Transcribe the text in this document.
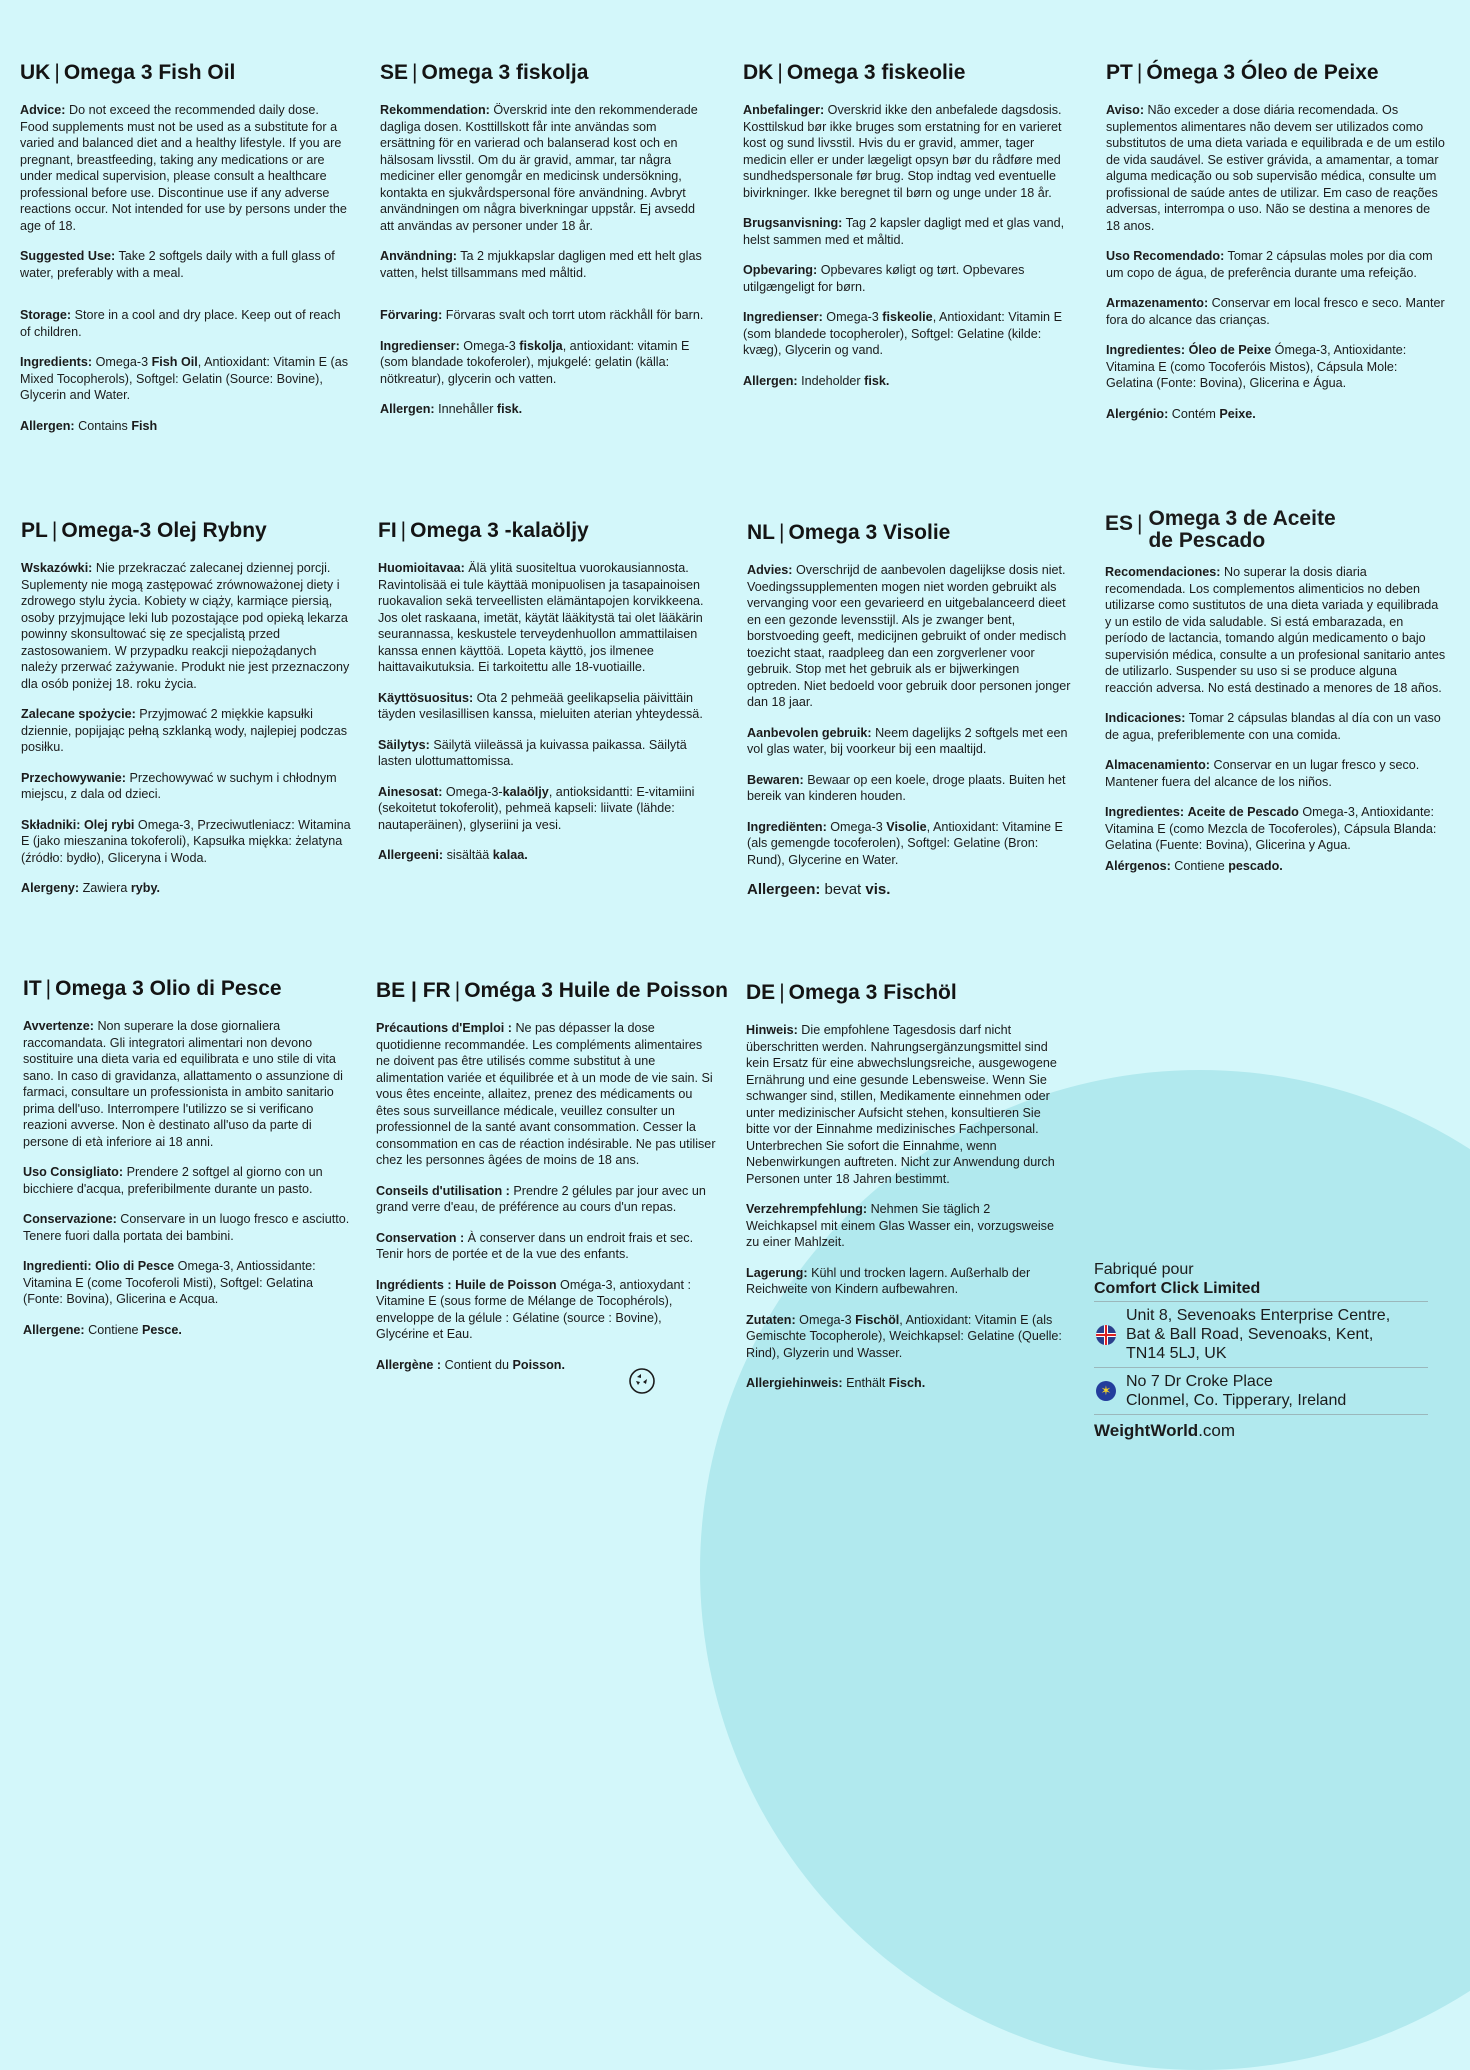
UK | Omega 3 Fish Oil

Advice: Do not exceed the recommended daily dose. Food supplements must not be used as a substitute for a varied and balanced diet and a healthy lifestyle. If you are pregnant, breastfeeding, taking any medications or are under medical supervision, please consult a healthcare professional before use. Discontinue use if any adverse reactions occur. Not intended for use by persons under the age of 18.

Suggested Use: Take 2 softgels daily with a full glass of water, preferably with a meal.

Storage: Store in a cool and dry place. Keep out of reach of children.

Ingredients: Omega-3 Fish Oil, Antioxidant: Vitamin E (as Mixed Tocopherols), Softgel: Gelatin (Source: Bovine), Glycerin and Water.

Allergen: Contains Fish

SE | Omega 3 fiskolja

Rekommendation: Överskrid inte den rekommenderade dagliga dosen. Kosttillskott får inte användas som ersättning för en varierad och balanserad kost och en hälsosam livsstil. Om du är gravid, ammar, tar några mediciner eller genomgår en medicinsk undersökning, kontakta en sjukvårdspersonal före användning. Avbryt användningen om några biverkningar uppstår. Ej avsedd att användas av personer under 18 år.

Användning: Ta 2 mjukkapslar dagligen med ett helt glas vatten, helst tillsammans med måltid.

Förvaring: Förvaras svalt och torrt utom räckhåll för barn.

Ingredienser: Omega-3 fiskolja, antioxidant: vitamin E (som blandade tokoferoler), mjukgelé: gelatin (källa: nötkreatur), glycerin och vatten.

Allergen: Innehåller fisk.

DK | Omega 3 fiskeolie

Anbefalinger: Overskrid ikke den anbefalede dagsdosis. Kosttilskud bør ikke bruges som erstatning for en varieret kost og sund livsstil. Hvis du er gravid, ammer, tager medicin eller er under lægeligt opsyn bør du rådføre med sundhedspersonale før brug. Stop indtag ved eventuelle bivirkninger. Ikke beregnet til børn og unge under 18 år.

Brugsanvisning: Tag 2 kapsler dagligt med et glas vand, helst sammen med et måltid.

Opbevaring: Opbevares køligt og tørt. Opbevares utilgængeligt for børn.

Ingredienser: Omega-3 fiskeolie, Antioxidant: Vitamin E (som blandede tocopheroler), Softgel: Gelatine (kilde: kvæg), Glycerin og vand.

Allergen: Indeholder fisk.

PT | Ómega 3 Óleo de Peixe

Aviso: Não exceder a dose diária recomendada. Os suplementos alimentares não devem ser utilizados como substitutos de uma dieta variada e equilibrada e de um estilo de vida saudável. Se estiver grávida, a amamentar, a tomar alguma medicação ou sob supervisão médica, consulte um profissional de saúde antes de utilizar. Em caso de reações adversas, interrompa o uso. Não se destina a menores de 18 anos.

Uso Recomendado: Tomar 2 cápsulas moles por dia com um copo de água, de preferência durante uma refeição.

Armazenamento: Conservar em local fresco e seco. Manter fora do alcance das crianças.

Ingredientes: Óleo de Peixe Ómega-3, Antioxidante: Vitamina E (como Tocoferóis Mistos), Cápsula Mole: Gelatina (Fonte: Bovina), Glicerina e Água.

Alergénio: Contém Peixe.

PL | Omega-3 Olej Rybny

Wskazówki: Nie przekraczać zalecanej dziennej porcji. Suplementy nie mogą zastępować zrównoważonej diety i zdrowego stylu życia. Kobiety w ciąży, karmiące piersią, osoby przyjmujące leki lub pozostające pod opieką lekarza powinny skonsultować się ze specjalistą przed zastosowaniem. W przypadku reakcji niepożądanych należy przerwać zażywanie. Produkt nie jest przeznaczony dla osób poniżej 18. roku życia.

Zalecane spożycie: Przyjmować 2 miękkie kapsułki dziennie, popijając pełną szklanką wody, najlepiej podczas posiłku.

Przechowywanie: Przechowywać w suchym i chłodnym miejscu, z dala od dzieci.

Składniki: Olej rybi Omega-3, Przeciwutleniacz: Witamina E (jako mieszanina tokoferoli), Kapsułka miękka: żelatyna (źródło: bydło), Gliceryna i Woda.

Alergeny: Zawiera ryby.

FI | Omega 3 -kalaöljy

Huomioitavaa: Älä ylitä suositeltua vuorokausiannosta. Ravintolisää ei tule käyttää monipuolisen ja tasapainoisen ruokavalion sekä terveellisten elämäntapojen korvikkeena. Jos olet raskaana, imetät, käytät lääkitystä tai olet lääkärin seurannassa, keskustele terveydenhuollon ammattilaisen kanssa ennen käyttöä. Lopeta käyttö, jos ilmenee haittavaikutuksia. Ei tarkoitettu alle 18-vuotiaille.

Käyttösuositus: Ota 2 pehmeää geelikapselia päivittäin täyden vesilasillisen kanssa, mieluiten aterian yhteydessä.

Säilytys: Säilytä viileässä ja kuivassa paikassa. Säilytä lasten ulottumattomissa.

Ainesosat: Omega-3-kalaöljy, antioksidantti: E-vitamiini (sekoitetut tokoferolit), pehmeä kapseli: liivate (lähde: nautaperäinen), glyseriini ja vesi.

Allergeeni: sisältää kalaa.

NL | Omega 3 Visolie

Advies: Overschrijd de aanbevolen dagelijkse dosis niet. Voedingssupplementen mogen niet worden gebruikt als vervanging voor een gevarieerd en uitgebalanceerd dieet en een gezonde levensstijl. Als je zwanger bent, borstvoeding geeft, medicijnen gebruikt of onder medisch toezicht staat, raadpleeg dan een zorgverlener voor gebruik. Stop met het gebruik als er bijwerkingen optreden. Niet bedoeld voor gebruik door personen jonger dan 18 jaar.

Aanbevolen gebruik: Neem dagelijks 2 softgels met een vol glas water, bij voorkeur bij een maaltijd.

Bewaren: Bewaar op een koele, droge plaats. Buiten het bereik van kinderen houden.

Ingrediënten: Omega-3 Visolie, Antioxidant: Vitamine E (als gemengde tocoferolen), Softgel: Gelatine (Bron: Rund), Glycerine en Water.

Allergeen: bevat vis.

ES | Omega 3 de Aceite
de Pescado

Recomendaciones: No superar la dosis diaria recomendada. Los complementos alimenticios no deben utilizarse como sustitutos de una dieta variada y equilibrada y un estilo de vida saludable. Si está embarazada, en período de lactancia, tomando algún medicamento o bajo supervisión médica, consulte a un profesional sanitario antes de utilizarlo. Suspender su uso si se produce alguna reacción adversa. No está destinado a menores de 18 años.

Indicaciones: Tomar 2 cápsulas blandas al día con un vaso de agua, preferiblemente con una comida.

Almacenamiento: Conservar en un lugar fresco y seco. Mantener fuera del alcance de los niños.

Ingredientes: Aceite de Pescado Omega-3, Antioxidante: Vitamina E (como Mezcla de Tocoferoles), Cápsula Blanda: Gelatina (Fuente: Bovina), Glicerina y Agua.

Alérgenos: Contiene pescado.

IT | Omega 3 Olio di Pesce

Avvertenze: Non superare la dose giornaliera raccomandata. Gli integratori alimentari non devono sostituire una dieta varia ed equilibrata e uno stile di vita sano. In caso di gravidanza, allattamento o assunzione di farmaci, consultare un professionista in ambito sanitario prima dell'uso. Interrompere l'utilizzo se si verificano reazioni avverse. Non è destinato all'uso da parte di persone di età inferiore ai 18 anni.

Uso Consigliato: Prendere 2 softgel al giorno con un bicchiere d'acqua, preferibilmente durante un pasto.

Conservazione: Conservare in un luogo fresco e asciutto. Tenere fuori dalla portata dei bambini.

Ingredienti: Olio di Pesce Omega-3, Antiossidante: Vitamina E (come Tocoferoli Misti), Softgel: Gelatina (Fonte: Bovina), Glicerina e Acqua.

Allergene: Contiene Pesce.

BE | FR | Oméga 3 Huile de Poisson

Précautions d'Emploi : Ne pas dépasser la dose quotidienne recommandée. Les compléments alimentaires ne doivent pas être utilisés comme substitut à une alimentation variée et équilibrée et à un mode de vie sain. Si vous êtes enceinte, allaitez, prenez des médicaments ou êtes sous surveillance médicale, veuillez consulter un professionnel de la santé avant consommation. Cesser la consommation en cas de réaction indésirable. Ne pas utiliser chez les personnes âgées de moins de 18 ans.

Conseils d'utilisation : Prendre 2 gélules par jour avec un grand verre d'eau, de préférence au cours d'un repas.

Conservation : À conserver dans un endroit frais et sec. Tenir hors de portée et de la vue des enfants.

Ingrédients : Huile de Poisson Oméga-3, antioxydant : Vitamine E (sous forme de Mélange de Tocophérols), enveloppe de la gélule : Gélatine (source : Bovine), Glycérine et Eau.

Allergène : Contient du Poisson.

DE | Omega 3 Fischöl

Hinweis: Die empfohlene Tagesdosis darf nicht überschritten werden. Nahrungsergänzungsmittel sind kein Ersatz für eine abwechslungsreiche, ausgewogene Ernährung und eine gesunde Lebensweise. Wenn Sie schwanger sind, stillen, Medikamente einnehmen oder unter medizinischer Aufsicht stehen, konsultieren Sie bitte vor der Einnahme medizinisches Fachpersonal. Unterbrechen Sie sofort die Einnahme, wenn Nebenwirkungen auftreten. Nicht zur Anwendung durch Personen unter 18 Jahren bestimmt.

Verzehrempfehlung: Nehmen Sie täglich 2 Weichkapsel mit einem Glas Wasser ein, vorzugsweise zu einer Mahlzeit.

Lagerung: Kühl und trocken lagern. Außerhalb der Reichweite von Kindern aufbewahren.

Zutaten: Omega-3 Fischöl, Antioxidant: Vitamin E (als Gemischte Tocopherole), Weichkapsel: Gelatine (Quelle: Rind), Glyzerin und Wasser.

Allergiehinweis: Enthält Fisch.

Fabriqué pour
Comfort Click Limited
Unit 8, Sevenoaks Enterprise Centre,
Bat & Ball Road, Sevenoaks, Kent,
TN14 5LJ, UK
✶
No 7 Dr Croke Place
Clonmel, Co. Tipperary, Ireland
WeightWorld.com
